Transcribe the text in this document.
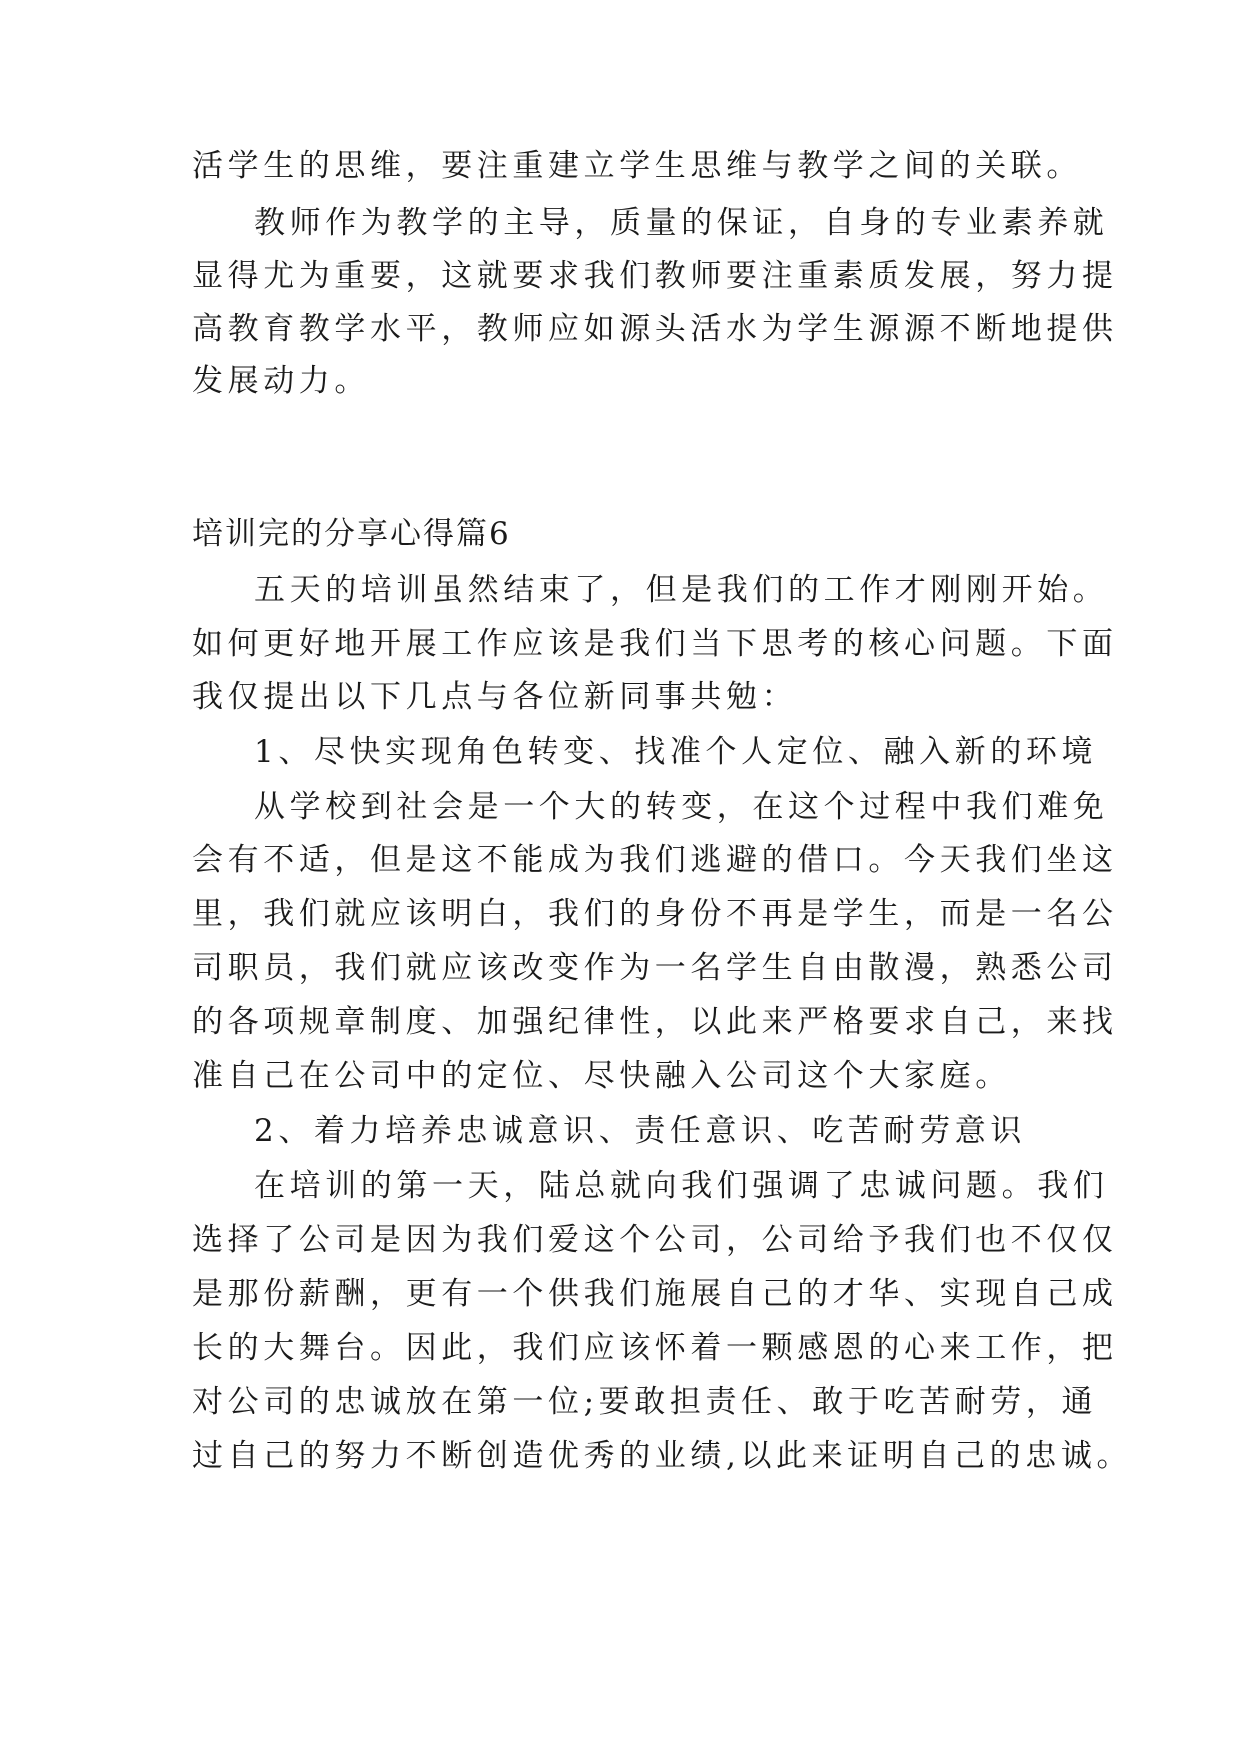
活学生的思维，要注重建立学生思维与教学之间的关联。

教师作为教学的主导，质量的保证，自身的专业素养就

显得尤为重要，这就要求我们教师要注重素质发展，努力提

高教育教学水平，教师应如源头活水为学生源源不断地提供

发展动力。

培训完的分享心得篇6

五天的培训虽然结束了，但是我们的工作才刚刚开始。

如何更好地开展工作应该是我们当下思考的核心问题。下面

我仅提出以下几点与各位新同事共勉：

1、尽快实现角色转变、找准个人定位、融入新的环境

从学校到社会是一个大的转变，在这个过程中我们难免

会有不适，但是这不能成为我们逃避的借口。今天我们坐这

里，我们就应该明白，我们的身份不再是学生，而是一名公

司职员，我们就应该改变作为一名学生自由散漫，熟悉公司

的各项规章制度、加强纪律性，以此来严格要求自己，来找

准自己在公司中的定位、尽快融入公司这个大家庭。

2、着力培养忠诚意识、责任意识、吃苦耐劳意识

在培训的第一天，陆总就向我们强调了忠诚问题。我们

选择了公司是因为我们爱这个公司，公司给予我们也不仅仅

是那份薪酬，更有一个供我们施展自己的才华、实现自己成

长的大舞台。因此，我们应该怀着一颗感恩的心来工作，把

对公司的忠诚放在第一位;要敢担责任、敢于吃苦耐劳，通

过自己的努力不断创造优秀的业绩,以此来证明自己的忠诚。
